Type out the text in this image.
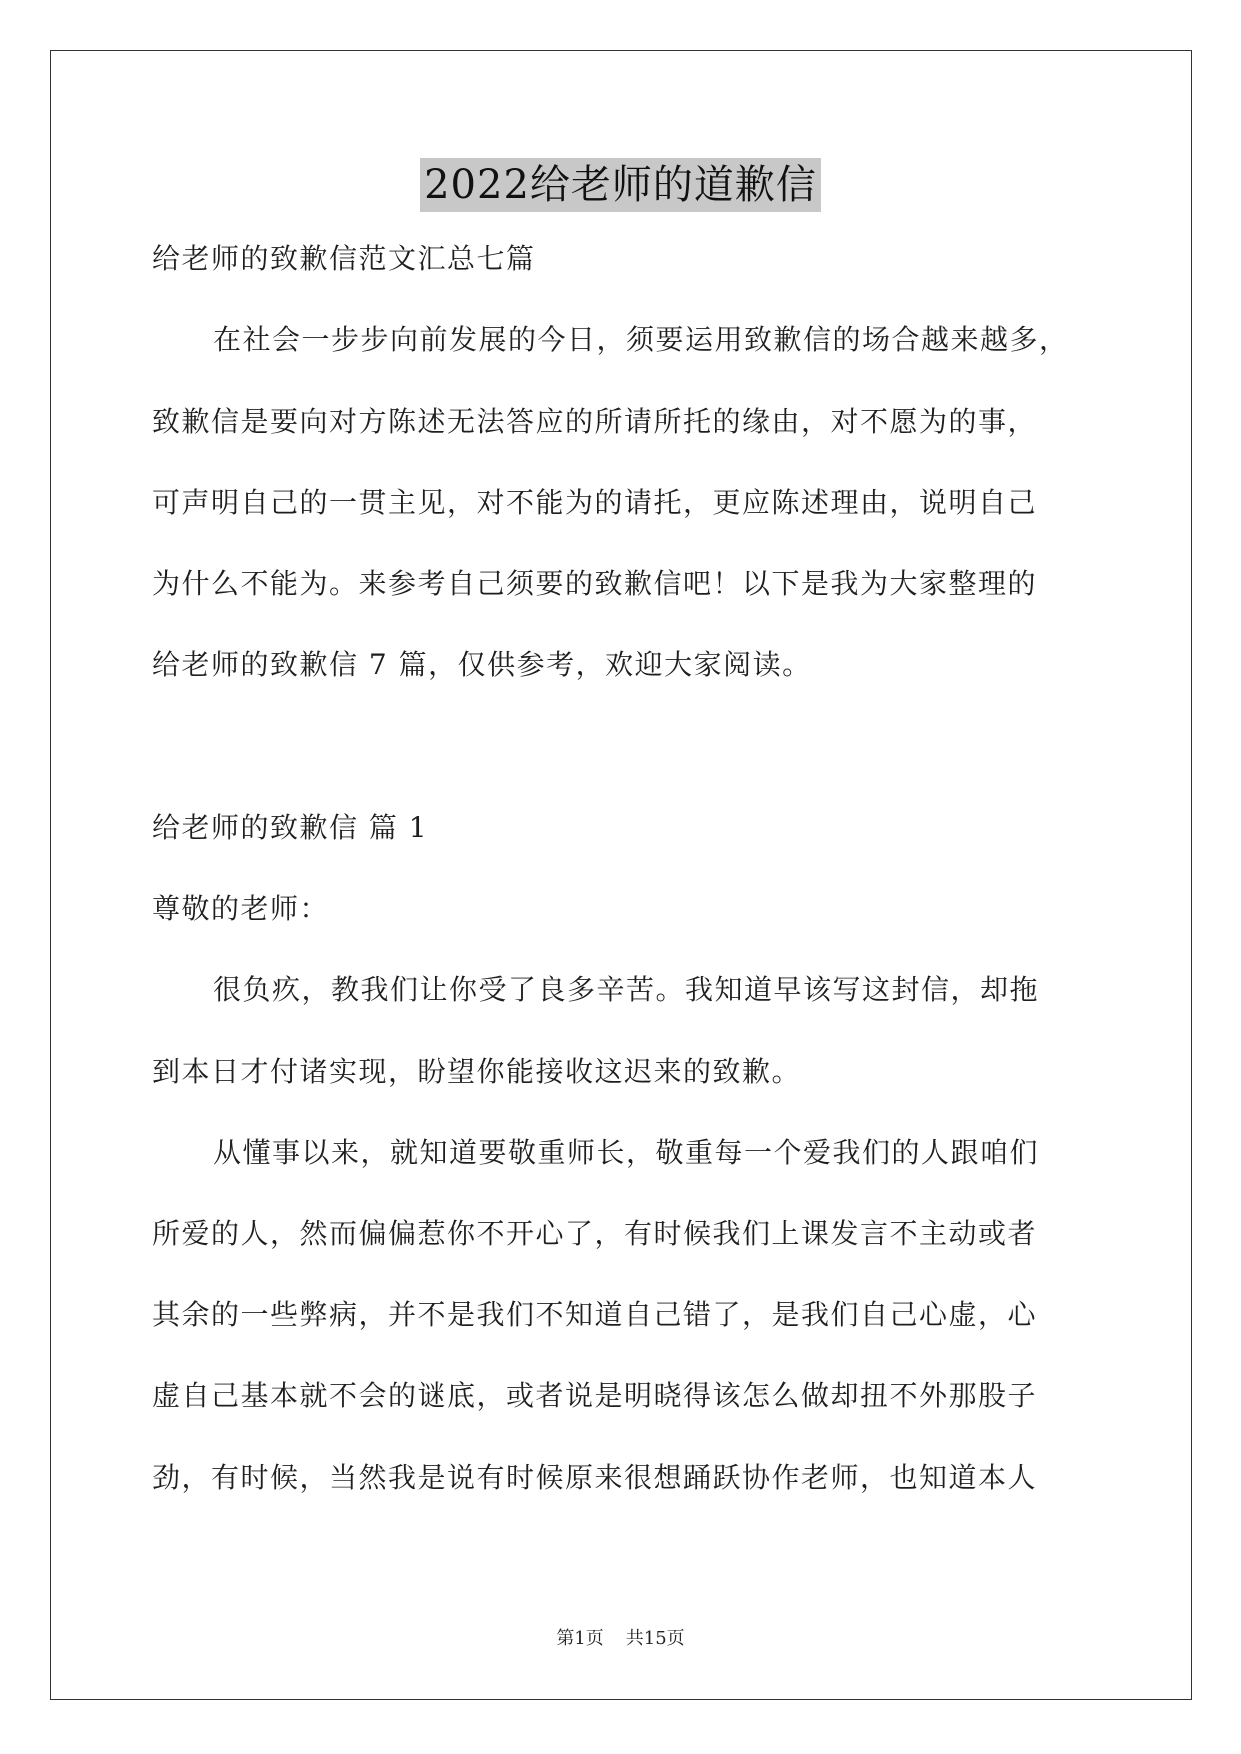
2022给老师的道歉信
给老师的致歉信范文汇总七篇
在社会一步步向前发展的今日，须要运用致歉信的场合越来越多，
致歉信是要向对方陈述无法答应的所请所托的缘由，对不愿为的事，
可声明自己的一贯主见，对不能为的请托，更应陈述理由，说明自己
为什么不能为。来参考自己须要的致歉信吧！以下是我为大家整理的
给老师的致歉信 7 篇，仅供参考，欢迎大家阅读。
给老师的致歉信 篇 1
尊敬的老师：
很负疚，教我们让你受了良多辛苦。我知道早该写这封信，却拖
到本日才付诸实现，盼望你能接收这迟来的致歉。
从懂事以来，就知道要敬重师长，敬重每一个爱我们的人跟咱们
所爱的人，然而偏偏惹你不开心了，有时候我们上课发言不主动或者
其余的一些弊病，并不是我们不知道自己错了，是我们自己心虚，心
虚自己基本就不会的谜底，或者说是明晓得该怎么做却扭不外那股子
劲，有时候，当然我是说有时候原来很想踊跃协作老师，也知道本人
第1页 共15页
